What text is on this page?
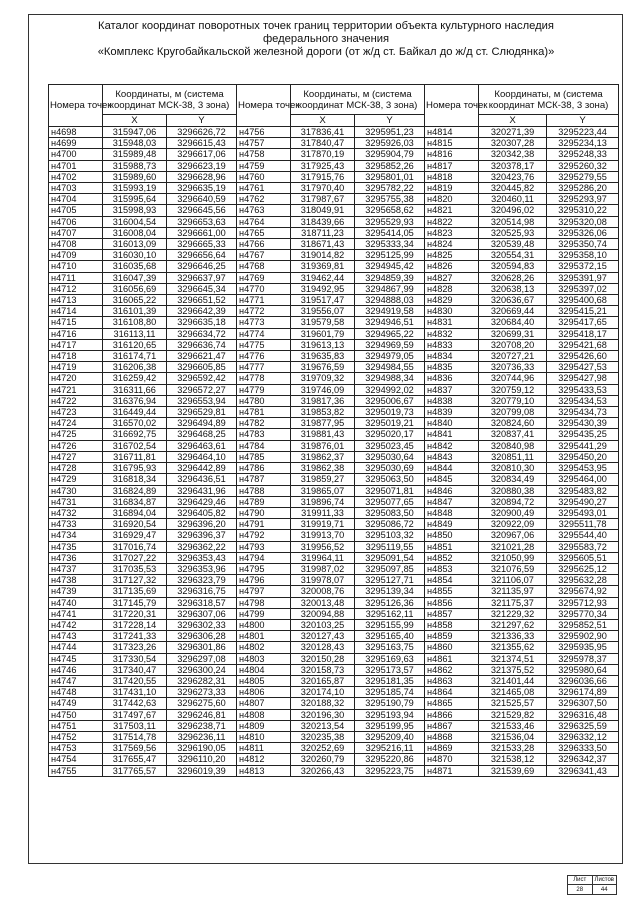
Каталог координат поворотных точек границ территории объекта культурного наследия
федерального значения
«Комплекс Кругобайкальской железной дороги (от ж/д ст. Байкал до ж/д ст. Слюдянка)»
Номера точек	Координаты, м (система координат МСК-38, 3 зона)		Номера точек	Координаты, м (система координат МСК-38, 3 зона)		Номера точек	Координаты, м (система координат МСК-38, 3 зона)	
	X	Y		X	Y		X	Y
н4698	315947,06	3296626,72	н4756	317836,41	3295951,23	н4814	320271,39	3295223,44
н4699	315948,03	3296615,43	н4757	317840,47	3295926,03	н4815	320307,28	3295234,13
н4700	315989,48	3296617,06	н4758	317870,19	3295904,79	н4816	320342,38	3295248,33
н4701	315988,73	3296623,19	н4759	317925,43	3295852,26	н4817	320378,17	3295260,32
н4702	315989,60	3296628,96	н4760	317915,76	3295801,01	н4818	320423,76	3295279,55
н4703	315993,19	3296635,19	н4761	317970,40	3295782,22	н4819	320445,82	3295286,20
н4704	315995,64	3296640,59	н4762	317987,67	3295755,38	н4820	320460,11	3295293,97
н4705	315998,93	3296645,56	н4763	318049,91	3295658,62	н4821	320496,02	3295310,22
н4706	316004,54	3296653,63	н4764	318439,66	3295529,93	н4822	320514,98	3295320,08
н4707	316008,04	3296661,00	н4765	318711,23	3295414,05	н4823	320525,93	3295326,06
н4708	316013,09	3296665,33	н4766	318671,43	3295333,34	н4824	320539,48	3295350,74
н4709	316030,10	3296656,64	н4767	319014,82	3295125,99	н4825	320554,31	3295358,10
н4710	316035,68	3296646,25	н4768	319369,81	3294945,42	н4826	320594,83	3295372,15
н4711	316047,39	3296637,97	н4769	319462,44	3294859,39	н4827	320628,26	3295391,97
н4712	316056,69	3296645,34	н4770	319492,95	3294867,99	н4828	320638,13	3295397,02
н4713	316065,22	3296651,52	н4771	319517,47	3294888,03	н4829	320636,67	3295400,68
н4714	316101,39	3296642,39	н4772	319556,07	3294919,58	н4830	320669,44	3295415,21
н4715	316108,80	3296635,18	н4773	319579,58	3294946,51	н4831	320684,40	3295417,65
н4716	316113,11	3296634,72	н4774	319601,79	3294965,22	н4832	320699,31	3295418,17
н4717	316120,65	3296636,74	н4775	319613,13	3294969,59	н4833	320708,20	3295421,68
н4718	316174,71	3296621,47	н4776	319635,83	3294979,05	н4834	320727,21	3295426,60
н4719	316206,38	3296605,85	н4777	319676,59	3294984,55	н4835	320736,33	3295427,53
н4720	316259,42	3296592,42	н4778	319709,32	3294988,34	н4836	320744,96	3295427,98
н4721	316311,66	3296572,27	н4779	319746,09	3294992,02	н4837	320759,12	3295433,53
н4722	316376,94	3296553,94	н4780	319817,36	3295006,67	н4838	320779,10	3295434,53
н4723	316449,44	3296529,81	н4781	319853,82	3295019,73	н4839	320799,08	3295434,73
н4724	316570,02	3296494,89	н4782	319877,95	3295019,21	н4840	320824,60	3295430,39
н4725	316692,75	3296468,25	н4783	319881,43	3295020,17	н4841	320837,41	3295435,25
н4726	316702,54	3296463,61	н4784	319876,01	3295023,45	н4842	320840,98	3295441,29
н4727	316711,81	3296464,10	н4785	319862,37	3295030,64	н4843	320851,11	3295450,20
н4728	316795,93	3296442,89	н4786	319862,38	3295030,69	н4844	320810,30	3295453,95
н4729	316818,34	3296436,51	н4787	319859,27	3295063,50	н4845	320834,49	3295464,00
н4730	316824,89	3296431,96	н4788	319865,07	3295071,81	н4846	320880,38	3295483,82
н4731	316834,87	3296429,46	н4789	319896,74	3295077,65	н4847	320894,72	3295490,27
н4732	316894,04	3296405,82	н4790	319911,33	3295083,50	н4848	320900,49	3295493,01
н4733	316920,54	3296396,20	н4791	319919,71	3295086,72	н4849	320922,09	3295511,78
н4734	316929,47	3296396,37	н4792	319913,70	3295103,32	н4850	320967,06	3295544,40
н4735	317016,74	3296362,22	н4793	319956,52	3295119,55	н4851	321021,28	3295583,72
н4736	317027,22	3296353,43	н4794	319964,11	3295091,54	н4852	321050,99	3295605,51
н4737	317035,53	3296353,96	н4795	319987,02	3295097,85	н4853	321076,59	3295625,12
н4738	317127,32	3296323,79	н4796	319978,07	3295127,71	н4854	321106,07	3295632,28
н4739	317135,69	3296316,75	н4797	320008,76	3295139,34	н4855	321135,97	3295674,92
н4740	317145,79	3296318,57	н4798	320013,48	3295126,36	н4856	321175,37	3295712,93
н4741	317220,31	3296307,06	н4799	320094,88	3295162,11	н4857	321229,32	3295770,34
н4742	317228,14	3296302,33	н4800	320103,25	3295155,99	н4858	321297,62	3295852,51
н4743	317241,33	3296306,28	н4801	320127,43	3295165,40	н4859	321336,33	3295902,90
н4744	317323,26	3296301,86	н4802	320128,43	3295163,75	н4860	321355,62	3295935,95
н4745	317330,54	3296297,08	н4803	320150,28	3295169,63	н4861	321374,51	3295978,37
н4746	317340,47	3296300,24	н4804	320158,73	3295173,57	н4862	321375,52	3295980,64
н4747	317420,55	3296282,31	н4805	320165,87	3295181,35	н4863	321401,44	3296036,66
н4748	317431,10	3296273,33	н4806	320174,10	3295185,74	н4864	321465,08	3296174,89
н4749	317442,63	3296275,60	н4807	320188,32	3295190,79	н4865	321525,57	3296307,50
н4750	317497,67	3296246,81	н4808	320196,30	3295193,94	н4866	321529,82	3296316,48
н4751	317503,11	3296238,71	н4809	320213,54	3295199,95	н4867	321533,46	3296325,59
н4752	317514,78	3296236,11	н4810	320235,38	3295209,40	н4868	321536,04	3296332,12
н4753	317569,56	3296190,05	н4811	320252,69	3295216,11	н4869	321533,28	3296333,50
н4754	317655,47	3296110,20	н4812	320260,79	3295220,86	н4870	321538,12	3296342,37
н4755	317765,57	3296019,39	н4813	320266,43	3295223,75	н4871	321539,69	3296341,43
Лист
28
Листов
44
